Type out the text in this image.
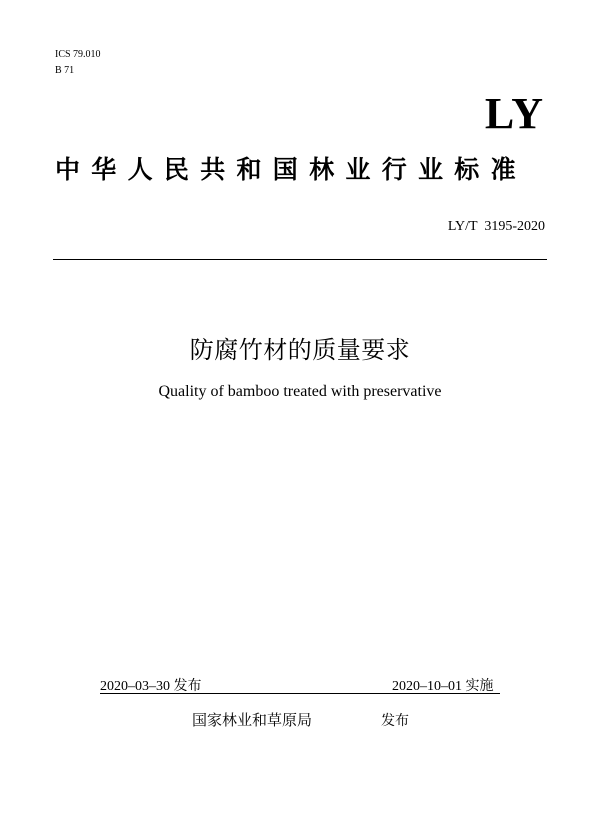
ICS 79.010
B 71
LY
中华人民共和国林业行业标准
LY/T  3195-2020
防腐竹材的质量要求
Quality of bamboo treated with preservative
2020–03–30 发布	2020–10–01 实施
国家林业和草原局	发布
